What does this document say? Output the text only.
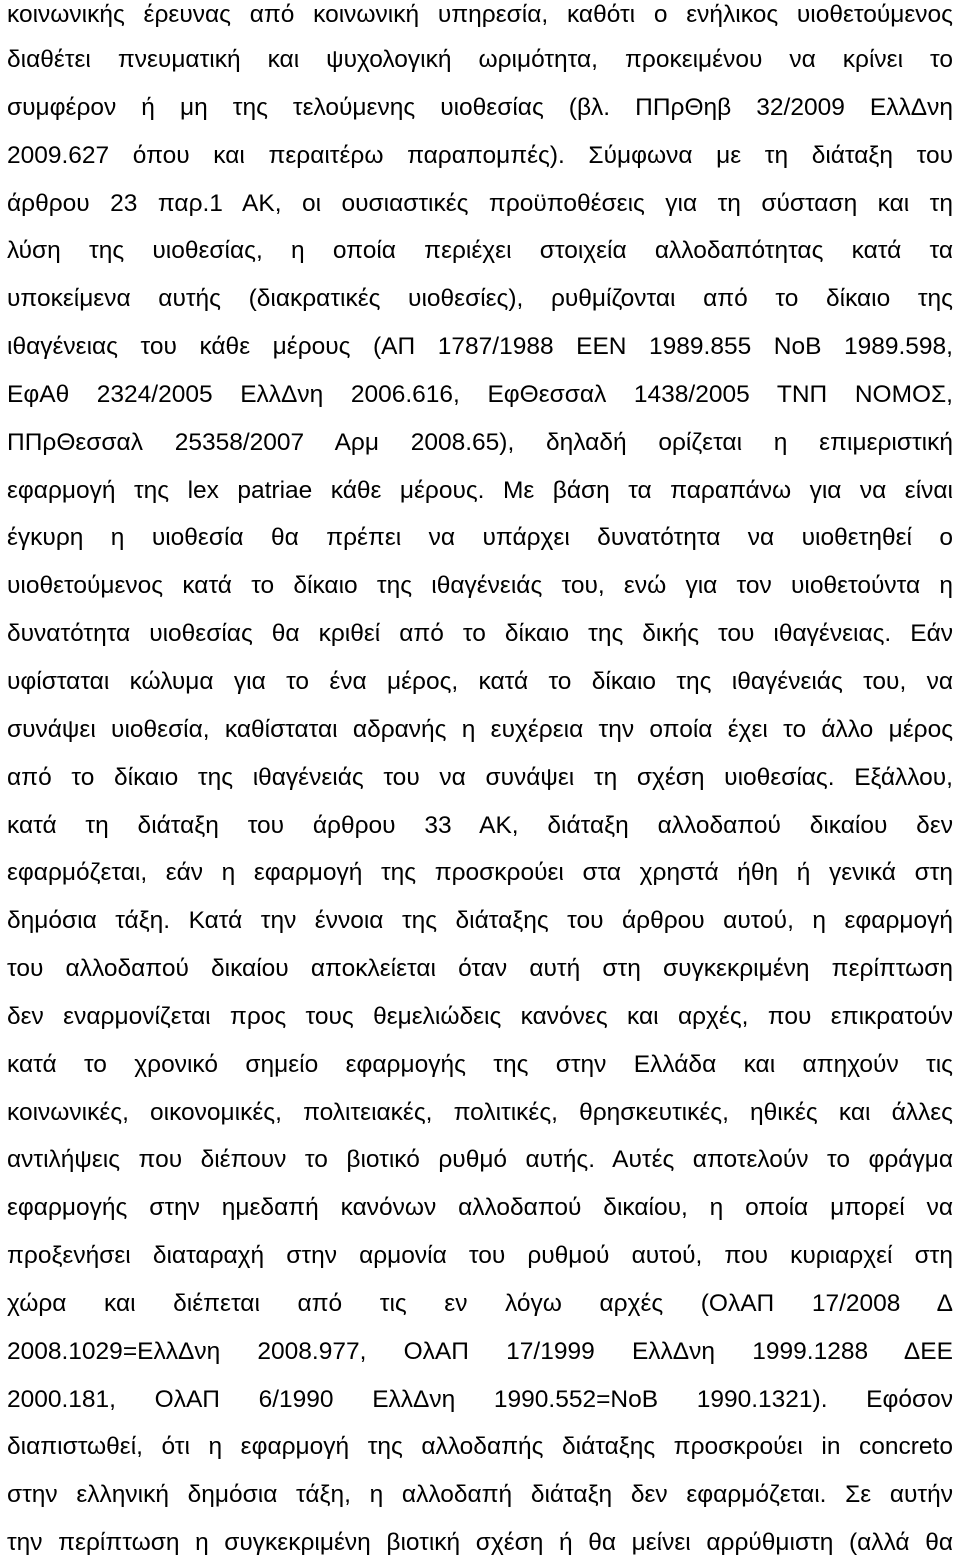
κοινωνικής έρευνας από κοινωνική υπηρεσία, καθότι ο ενήλικος υιοθετούμενος
διαθέτει πνευματική και ψυχολογική ωριμότητα, προκειμένου να κρίνει το
συμφέρον ή μη της τελούμενης υιοθεσίας (βλ. ΠΠρΘηβ 32/2009 ΕλλΔνη
2009.627 όπου και περαιτέρω παραπομπές). Σύμφωνα με τη διάταξη του
άρθρου 23 παρ.1 ΑΚ, οι ουσιαστικές προϋποθέσεις για τη σύσταση και τη
λύση της υιοθεσίας, η οποία περιέχει στοιχεία αλλοδαπότητας κατά τα
υποκείμενα αυτής (διακρατικές υιοθεσίες), ρυθμίζονται από το δίκαιο της
ιθαγένειας του κάθε μέρους (ΑΠ 1787/1988 ΕΕΝ 1989.855 ΝοΒ 1989.598,
ΕφΑθ 2324/2005 ΕλλΔνη 2006.616, ΕφΘεσσαλ 1438/2005 ΤΝΠ ΝΟΜΟΣ,
ΠΠρΘεσσαλ 25358/2007 Αρμ 2008.65), δηλαδή ορίζεται η επιμεριστική
εφαρμογή της lex patriae κάθε μέρους. Με βάση τα παραπάνω για να είναι
έγκυρη η υιοθεσία θα πρέπει να υπάρχει δυνατότητα να υιοθετηθεί ο
υιοθετούμενος κατά το δίκαιο της ιθαγένειάς του, ενώ για τον υιοθετούντα η
δυνατότητα υιοθεσίας θα κριθεί από το δίκαιο της δικής του ιθαγένειας. Εάν
υφίσταται κώλυμα για το ένα μέρος, κατά το δίκαιο της ιθαγένειάς του, να
συνάψει υιοθεσία, καθίσταται αδρανής η ευχέρεια την οποία έχει το άλλο μέρος
από το δίκαιο της ιθαγένειάς του να συνάψει τη σχέση υιοθεσίας. Εξάλλου,
κατά τη διάταξη του άρθρου 33 ΑΚ, διάταξη αλλοδαπού δικαίου δεν
εφαρμόζεται, εάν η εφαρμογή της προσκρούει στα χρηστά ήθη ή γενικά στη
δημόσια τάξη. Κατά την έννοια της διάταξης του άρθρου αυτού, η εφαρμογή
του αλλοδαπού δικαίου αποκλείεται όταν αυτή στη συγκεκριμένη περίπτωση
δεν εναρμονίζεται προς τους θεμελιώδεις κανόνες και αρχές, που επικρατούν
κατά το χρονικό σημείο εφαρμογής της στην Ελλάδα και απηχούν τις
κοινωνικές, οικονομικές, πολιτειακές, πολιτικές, θρησκευτικές, ηθικές και άλλες
αντιλήψεις που διέπουν το βιοτικό ρυθμό αυτής. Αυτές αποτελούν το φράγμα
εφαρμογής στην ημεδαπή κανόνων αλλοδαπού δικαίου, η οποία μπορεί να
προξενήσει διαταραχή στην αρμονία του ρυθμού αυτού, που κυριαρχεί στη
χώρα και διέπεται από τις εν λόγω αρχές (ΟλΑΠ 17/2008 Δ
2008.1029=ΕλλΔνη 2008.977, ΟλΑΠ 17/1999 ΕλλΔνη 1999.1288 ΔΕΕ
2000.181, ΟλΑΠ 6/1990 ΕλλΔνη 1990.552=ΝοΒ 1990.1321). Εφόσον
διαπιστωθεί, ότι η εφαρμογή της αλλοδαπής διάταξης προσκρούει in concreto
στην ελληνική δημόσια τάξη, η αλλοδαπή διάταξη δεν εφαρμόζεται. Σε αυτήν
την περίπτωση η συγκεκριμένη βιοτική σχέση ή θα μείνει αρρύθμιστη (αλλά θα
